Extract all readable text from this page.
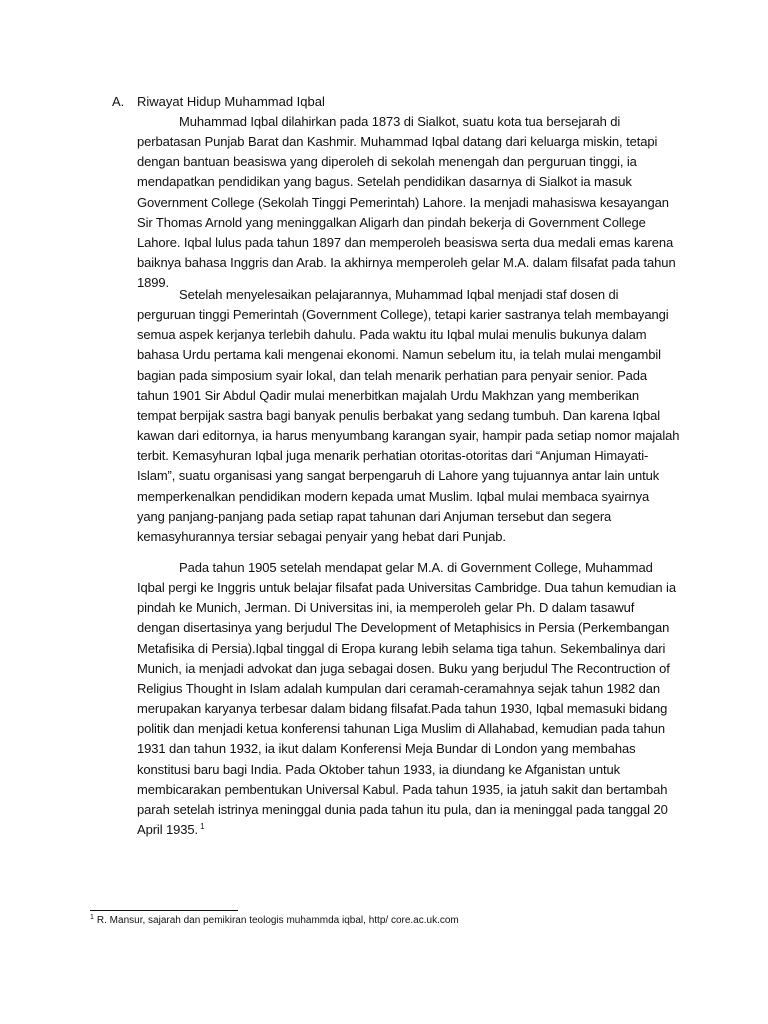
A. Riwayat Hidup Muhammad Iqbal

Muhammad Iqbal dilahirkan pada 1873 di Sialkot, suatu kota tua bersejarah di perbatasan Punjab Barat dan Kashmir. Muhammad Iqbal datang dari keluarga miskin, tetapi dengan bantuan beasiswa yang diperoleh di sekolah menengah dan perguruan tinggi, ia mendapatkan pendidikan yang bagus. Setelah pendidikan dasarnya di Sialkot ia masuk Government College (Sekolah Tinggi Pemerintah) Lahore. Ia menjadi mahasiswa kesayangan Sir Thomas Arnold yang meninggalkan Aligarh dan pindah bekerja di Government College Lahore. Iqbal lulus pada tahun 1897 dan memperoleh beasiswa serta dua medali emas karena baiknya bahasa Inggris dan Arab. Ia akhirnya memperoleh gelar M.A. dalam filsafat pada tahun 1899.

Setelah menyelesaikan pelajarannya, Muhammad Iqbal menjadi staf dosen di perguruan tinggi Pemerintah (Government College), tetapi karier sastranya telah membayangi semua aspek kerjanya terlebih dahulu. Pada waktu itu Iqbal mulai menulis bukunya dalam bahasa Urdu pertama kali mengenai ekonomi. Namun sebelum itu, ia telah mulai mengambil bagian pada simposium syair lokal, dan telah menarik perhatian para penyair senior. Pada tahun 1901 Sir Abdul Qadir mulai menerbitkan majalah Urdu Makhzan yang memberikan tempat berpijak sastra bagi banyak penulis berbakat yang sedang tumbuh. Dan karena Iqbal kawan dari editornya, ia harus menyumbang karangan syair, hampir pada setiap nomor majalah terbit. Kemasyhuran Iqbal juga menarik perhatian otoritas-otoritas dari “Anjuman Himayati-Islam”, suatu organisasi yang sangat berpengaruh di Lahore yang tujuannya antar lain untuk memperkenalkan pendidikan modern kepada umat Muslim. Iqbal mulai membaca syairnya yang panjang-panjang pada setiap rapat tahunan dari Anjuman tersebut dan segera kemasyhurannya tersiar sebagai penyair yang hebat dari Punjab.

Pada tahun 1905 setelah mendapat gelar M.A. di Government College, Muhammad Iqbal pergi ke Inggris untuk belajar filsafat pada Universitas Cambridge. Dua tahun kemudian ia pindah ke Munich, Jerman. Di Universitas ini, ia memperoleh gelar Ph. D dalam tasawuf dengan disertasinya yang berjudul The Development of Metaphisics in Persia (Perkembangan Metafisika di Persia).Iqbal tinggal di Eropa kurang lebih selama tiga tahun. Sekembalinya dari Munich, ia menjadi advokat dan juga sebagai dosen. Buku yang berjudul The Recontruction of Religius Thought in Islam adalah kumpulan dari ceramah-ceramahnya sejak tahun 1982 dan merupakan karyanya terbesar dalam bidang filsafat.Pada tahun 1930, Iqbal memasuki bidang politik dan menjadi ketua konferensi tahunan Liga Muslim di Allahabad, kemudian pada tahun 1931 dan tahun 1932, ia ikut dalam Konferensi Meja Bundar di London yang membahas konstitusi baru bagi India. Pada Oktober tahun 1933, ia diundang ke Afganistan untuk membicarakan pembentukan Universal Kabul. Pada tahun 1935, ia jatuh sakit dan bertambah parah setelah istrinya meninggal dunia pada tahun itu pula, dan ia meninggal pada tanggal 20 April 1935. $^1$

$^1$ R. Mansur, sajarah dan pemikiran teologis muhammda iqbal, http/ core.ac.uk.com
